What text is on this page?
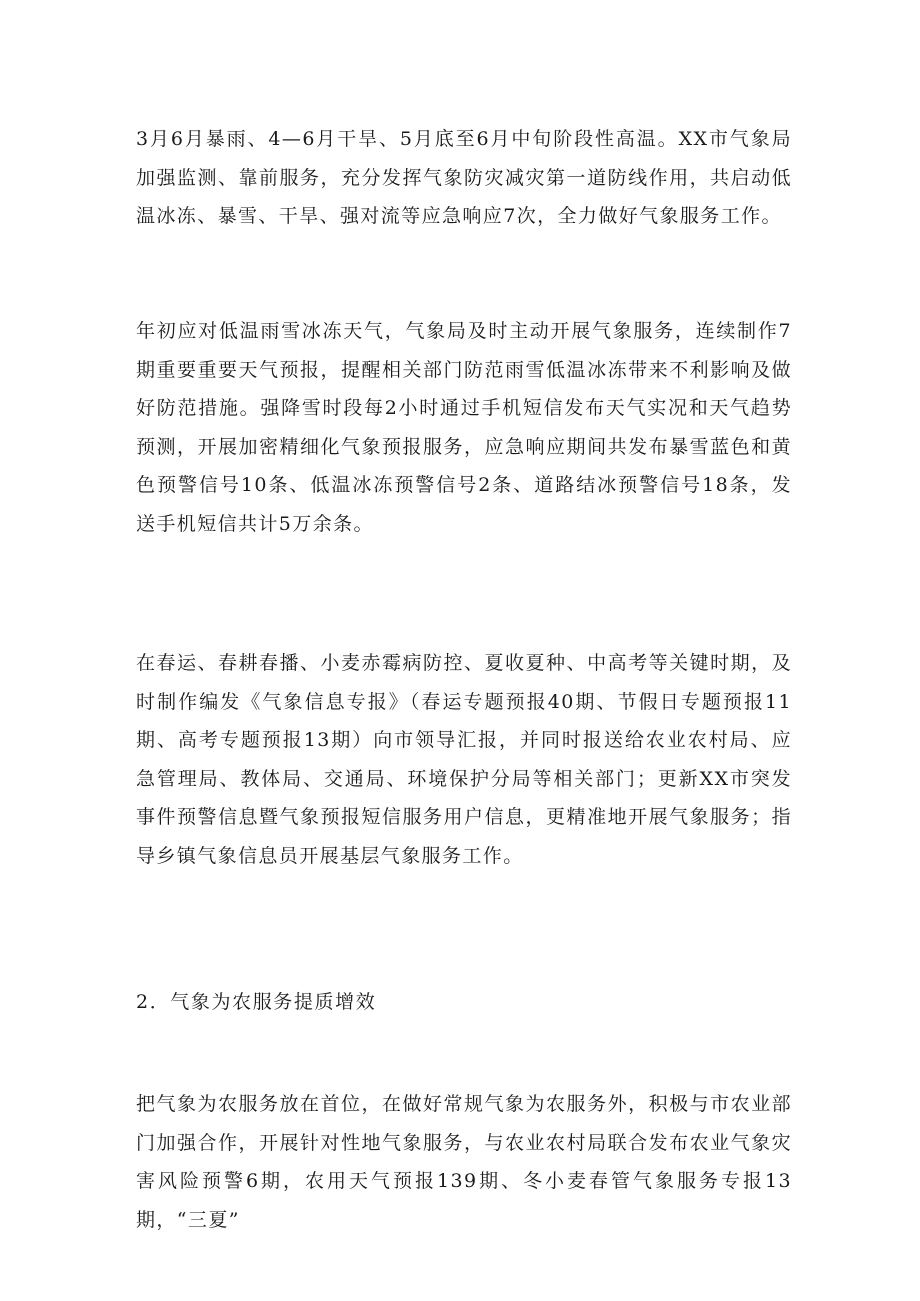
3月6月暴雨、4—6月干旱、5月底至6月中旬阶段性高温。XX市气象局加强监测、靠前服务，充分发挥气象防灾减灾第一道防线作用，共启动低温冰冻、暴雪、干旱、强对流等应急响应7次，全力做好气象服务工作。

年初应对低温雨雪冰冻天气，气象局及时主动开展气象服务，连续制作7期重要重要天气预报，提醒相关部门防范雨雪低温冰冻带来不利影响及做好防范措施。强降雪时段每2小时通过手机短信发布天气实况和天气趋势预测，开展加密精细化气象预报服务，应急响应期间共发布暴雪蓝色和黄色预警信号10条、低温冰冻预警信号2条、道路结冰预警信号18条，发送手机短信共计5万余条。

在春运、春耕春播、小麦赤霉病防控、夏收夏种、中高考等关键时期，及时制作编发《气象信息专报》（春运专题预报40期、节假日专题预报11期、高考专题预报13期）向市领导汇报，并同时报送给农业农村局、应急管理局、教体局、交通局、环境保护分局等相关部门；更新XX市突发事件预警信息暨气象预报短信服务用户信息，更精准地开展气象服务；指导乡镇气象信息员开展基层气象服务工作。

2．气象为农服务提质增效

把气象为农服务放在首位，在做好常规气象为农服务外，积极与市农业部门加强合作，开展针对性地气象服务，与农业农村局联合发布农业气象灾害风险预警6期，农用天气预报139期、冬小麦春管气象服务专报13期，“三夏”
